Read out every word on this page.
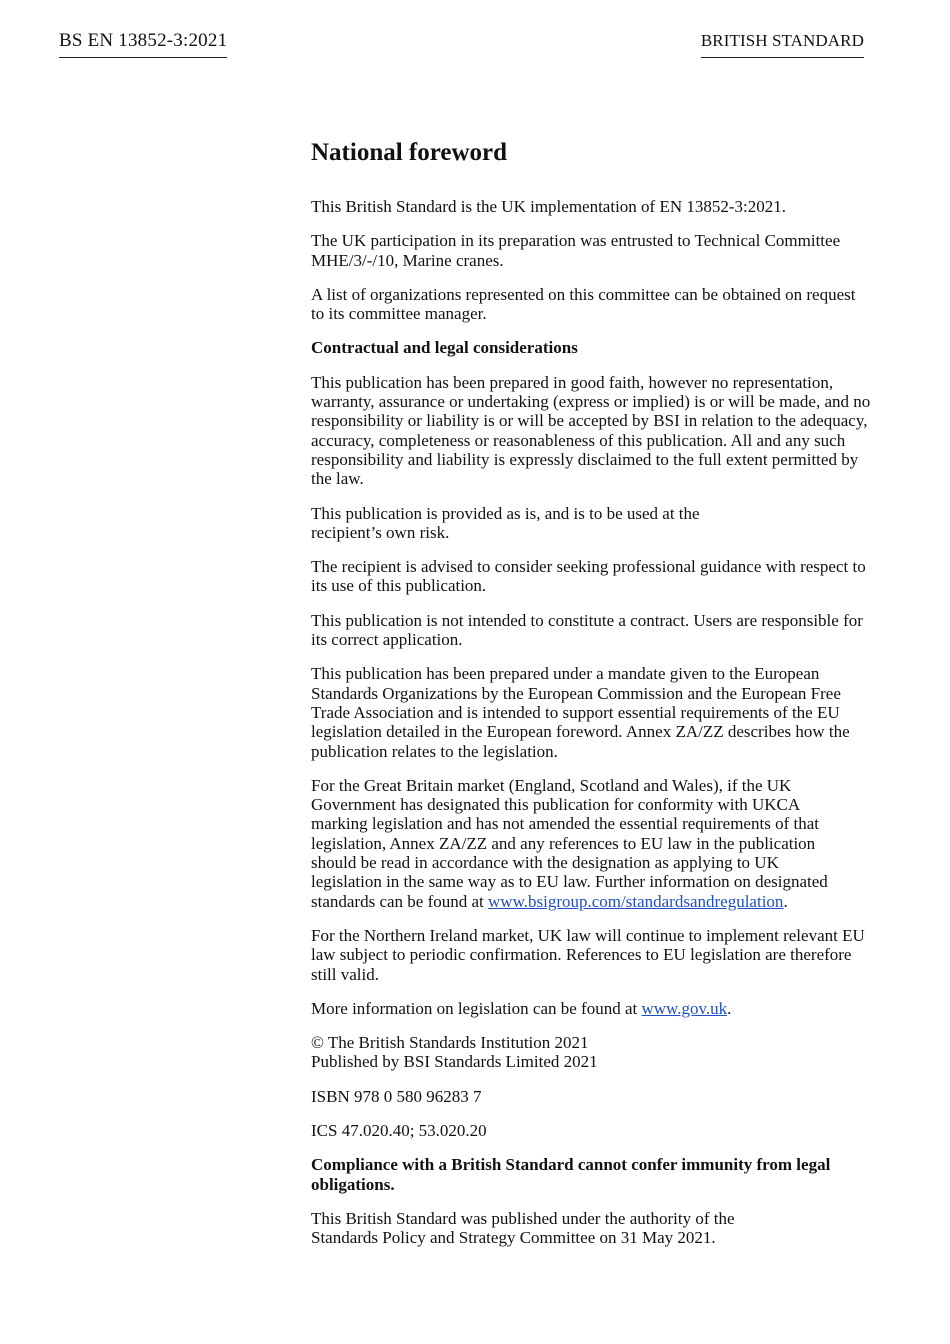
BS EN 13852-3:2021	BRITISH STANDARD
National foreword

This British Standard is the UK implementation of EN 13852-3:2021.

The UK participation in its preparation was entrusted to Technical Committee MHE/3/-/10, Marine cranes.

A list of organizations represented on this committee can be obtained on request to its committee manager.

Contractual and legal considerations

This publication has been prepared in good faith, however no representation, warranty, assurance or undertaking (express or implied) is or will be made, and no responsibility or liability is or will be accepted by BSI in relation to the adequacy, accuracy, completeness or reasonableness of this publication. All and any such responsibility and liability is expressly disclaimed to the full extent permitted by the law.

This publication is provided as is, and is to be used at the recipient’s own risk.

The recipient is advised to consider seeking professional guidance with respect to its use of this publication.

This publication is not intended to constitute a contract. Users are responsible for its correct application.

This publication has been prepared under a mandate given to the European Standards Organizations by the European Commission and the European Free Trade Association and is intended to support essential requirements of the EU legislation detailed in the European foreword. Annex ZA/ZZ describes how the publication relates to the legislation.

For the Great Britain market (England, Scotland and Wales), if the UK Government has designated this publication for conformity with UKCA marking legislation and has not amended the essential requirements of that legislation, Annex ZA/ZZ and any references to EU law in the publication should be read in accordance with the designation as applying to UK legislation in the same way as to EU law. Further information on designated standards can be found at www.bsigroup.com/standardsandregulation.

For the Northern Ireland market, UK law will continue to implement relevant EU law subject to periodic confirmation. References to EU legislation are therefore still valid.

More information on legislation can be found at www.gov.uk.

© The British Standards Institution 2021
Published by BSI Standards Limited 2021

ISBN 978 0 580 96283 7

ICS 47.020.40; 53.020.20

Compliance with a British Standard cannot confer immunity from legal obligations.

This British Standard was published under the authority of the Standards Policy and Strategy Committee on 31 May 2021.
